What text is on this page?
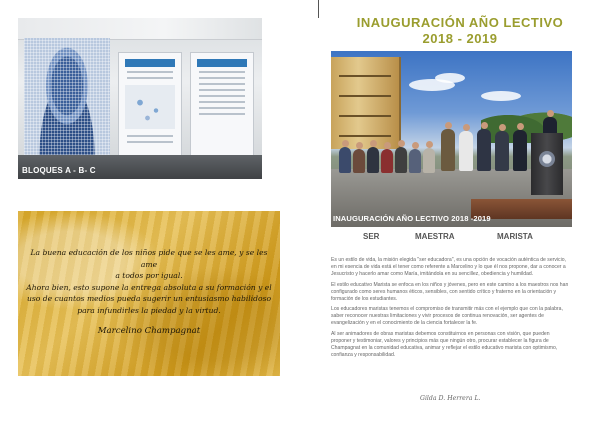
BLOQUES A - B- C
La buena educación de los niños pide que se les ame, y se les ame
a todos por igual.
Ahora bien, esto supone la entrega absoluta a su formación y el
uso de cuantos medios pueda sugerir un entusiasmo habilidoso
para infundirles la piedad y la virtud.
Marcelino Champagnat
INAUGURACIÓN AÑO LECTIVO
2018 - 2019
INAUGURACIÓN AÑO LECTIVO 2018 -2019
SER	MAESTRA	MARISTA

Es un estilo de vida, la misión elegida "ser educadora", es una opción de vocación auténtica de servicio, en mi esencia de vida está el tener como referente a Marcelino y lo que él nos propone, dar a conocer a Jesucristo y hacerlo amar como María, imitándola en su sencillez, obediencia y humildad.

El estilo educativo Marista se enfoca en los niños y jóvenes, pero en este camino a los maestros nos han configurado como seres humanos éticos, sensibles, con sentido crítico y fraterno en la orientación y formación de los estudiantes.

Los educadores maristas tenemos el compromiso de transmitir más con el ejemplo que con la palabra, saber reconocer nuestras limitaciones y vivir procesos de continua renovación, ser agentes de evangelización y en el conocimiento de la ciencia fortalecer la fe.

Al ser animadores de obras maristas debemos constituirnos en personas con visión, que pueden proponer y testimoniar, valores y principios más que ningún otro, procurar establecer la figura de Champagnat en la comunidad educativa, animar y reflejar el estilo educativo marista con optimismo, confianza y responsabilidad.

Gilda D. Herrera L.
